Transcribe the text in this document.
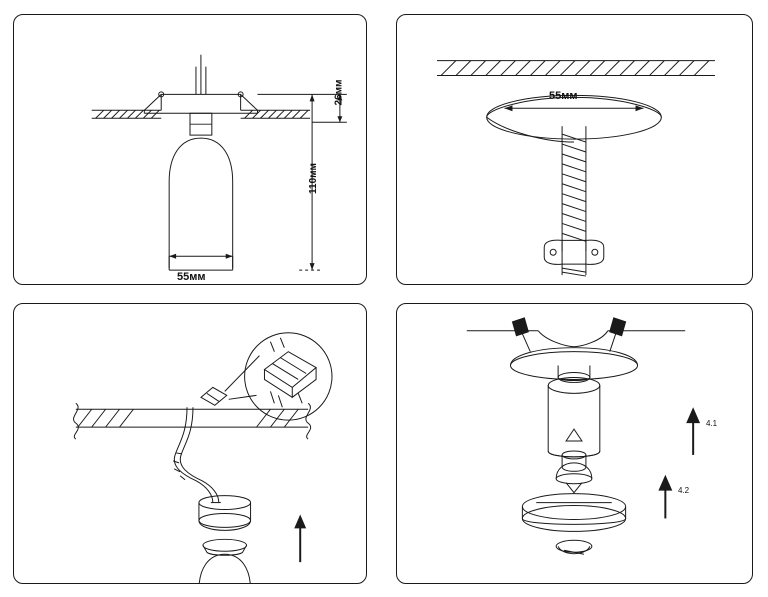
110мм
26мм
55мм
55мм
4.1
4.2
